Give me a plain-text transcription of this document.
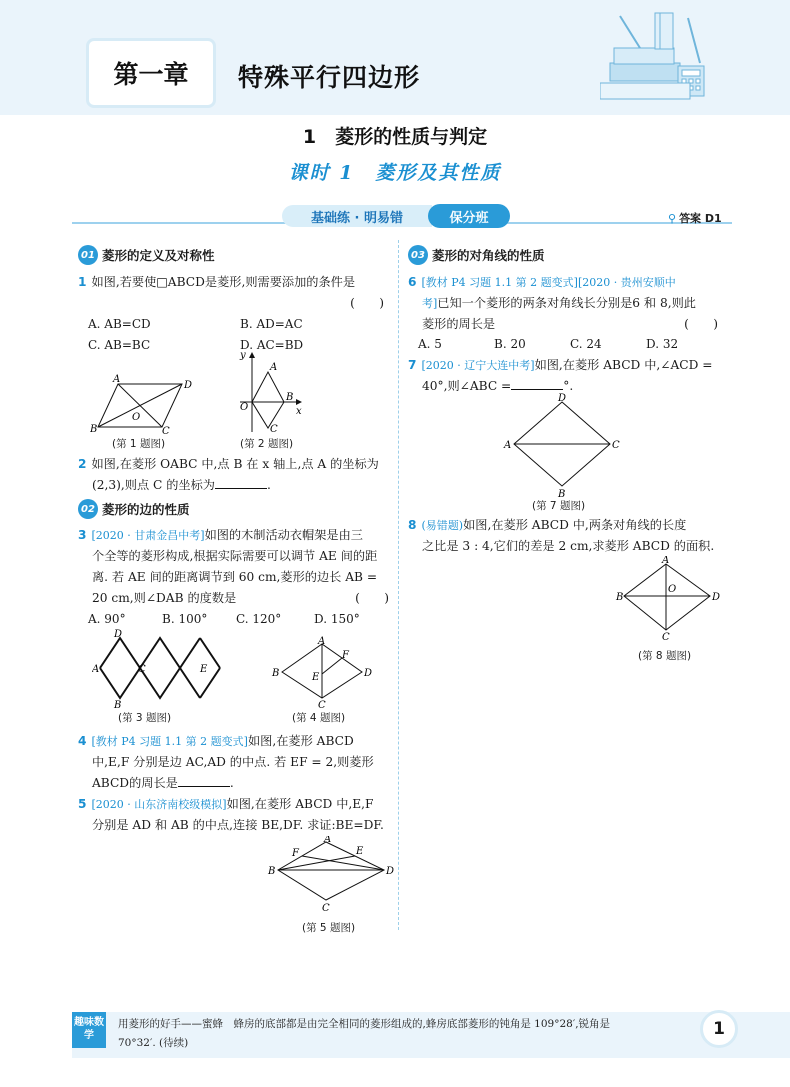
第一章	特殊平行四边形
1　菱形的性质与判定
课时 1　菱形及其性质
基础练 · 明易错	保分班	⚲ 答案 D1
01 菱形的定义及对称性
1 如图,若要使□ABCD是菱形,则需要添加的条件是
(　　)
A. AB=CD
C. AB=BC
B. AD=AC
D. AC=BD
A
D
B	C
O
(第 1 题图)
y
x
O
A
B
C
(第 2 题图)
2 如图,在菱形 OABC 中,点 B 在 x 轴上,点 A 的坐标为
(2,3),则点 C 的坐标为	.
02 菱形的边的性质
3 [2020 · 甘肃金昌中考]如图的木制活动衣帽架是由三
个全等的菱形构成,根据实际需要可以调节 AE 间的距
离. 若 AE 间的距离调节到 60 cm,菱形的边长 AB =
20 cm,则∠DAB 的度数是	(　　)
A. 90°	B. 100°	C. 120°	D. 150°
D
A	C
B
E
(第 3 题图)
A
B	D
C
E
F
(第 4 题图)
4 [教材 P4 习题 1.1 第 2 题变式]如图,在菱形 ABCD
中,E,F 分别是边 AC,AD 的中点. 若 EF = 2,则菱形
ABCD的周长是	.
5 [2020 · 山东济南校级模拟]如图,在菱形 ABCD 中,E,F
分别是 AD 和 AB 的中点,连接 BE,DF. 求证:BE=DF.
A
F	E
B	D
C
(第 5 题图)
03 菱形的对角线的性质
6 [教材 P4 习题 1.1 第 2 题变式][2020 · 贵州安顺中
考]已知一个菱形的两条对角线长分别是6 和 8,则此
菱形的周长是	(　　)
A. 5	B. 20	C. 24	D. 32
7 [2020 · 辽宁大连中考]如图,在菱形 ABCD 中,∠ACD =
40°,则∠ABC =	°.
D
A	C
B
(第 7 题图)
8 (易错题)如图,在菱形 ABCD 中,两条对角线的长度
之比是 3 : 4,它们的差是 2 cm,求菱形 ABCD 的面积.
A
B	D
O
C
(第 8 题图)
趣味数学
用菱形的好手——蜜蜂　 蜂房的底部都是由完全相同的菱形组成的,蜂房底部菱形的钝角是 109°28′,锐角是
70°32′. (待续)
1
